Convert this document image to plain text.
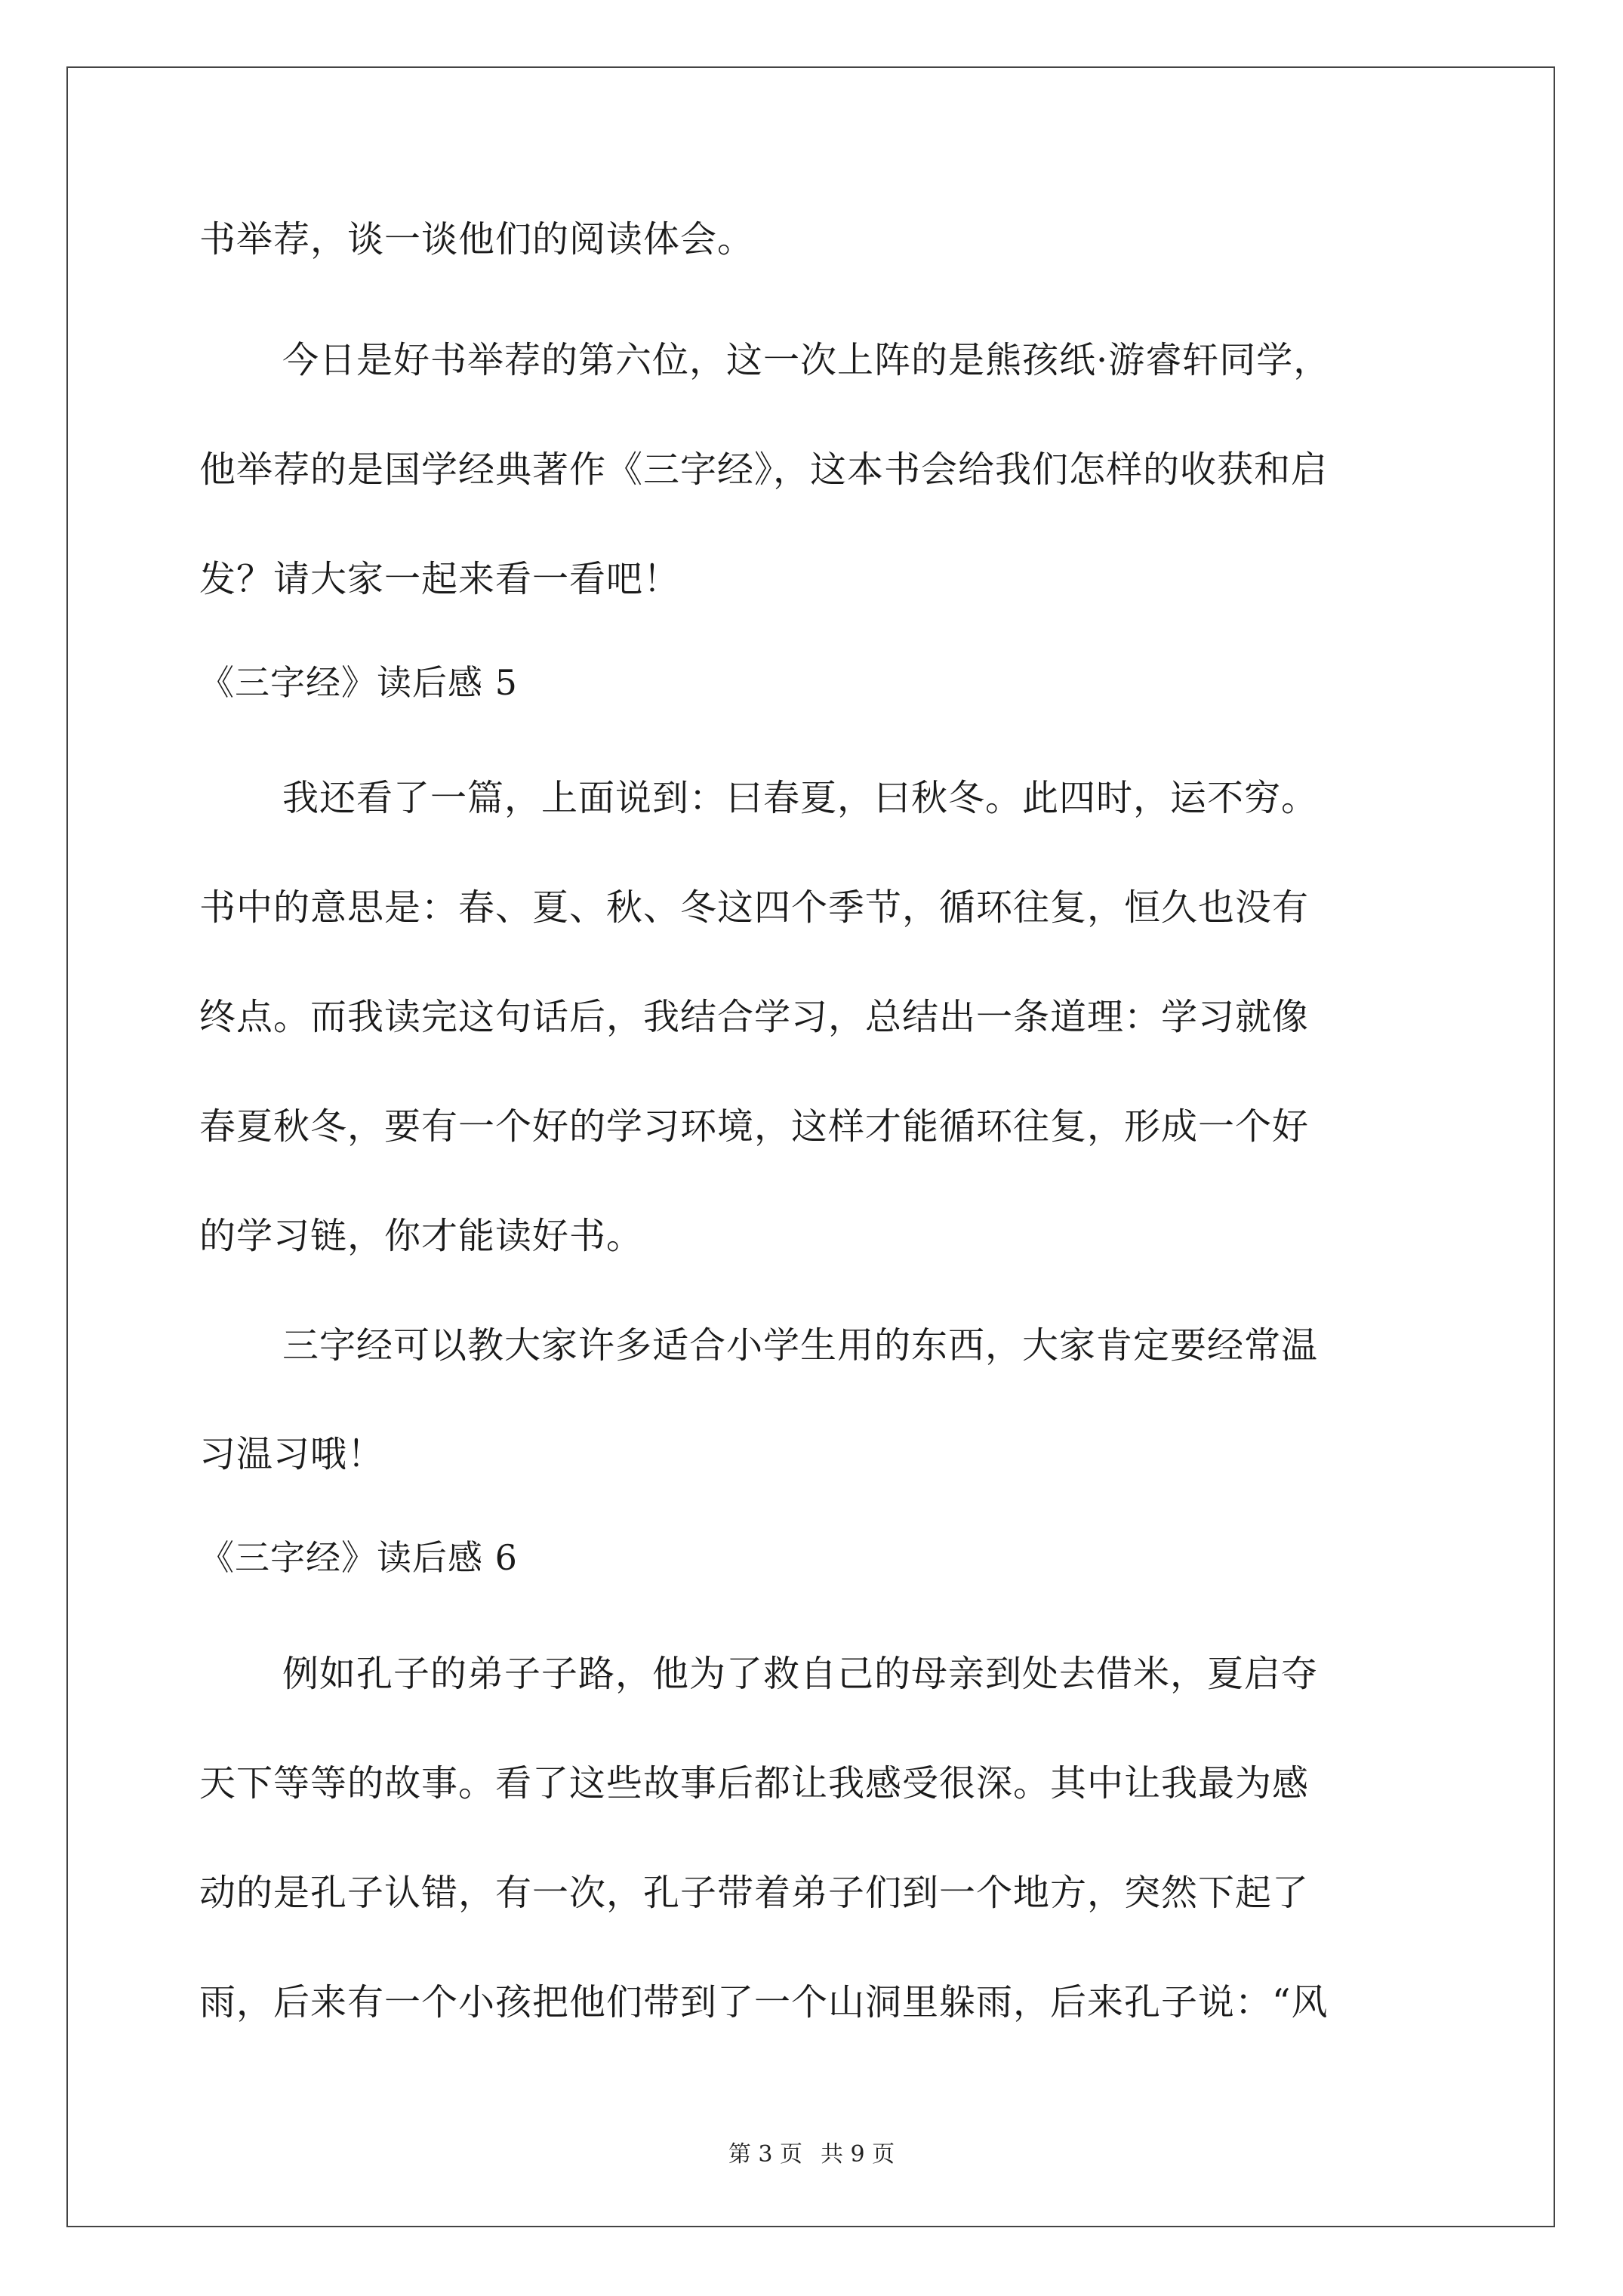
书举荐，谈一谈他们的阅读体会。
今日是好书举荐的第六位，这一次上阵的是熊孩纸·游睿轩同学，
他举荐的是国学经典著作《三字经》，这本书会给我们怎样的收获和启
发？请大家一起来看一看吧！
《三字经》读后感 5
我还看了一篇，上面说到：曰春夏，曰秋冬。此四时，运不穷。
书中的意思是：春、夏、秋、冬这四个季节，循环往复，恒久也没有
终点。而我读完这句话后，我结合学习，总结出一条道理：学习就像
春夏秋冬，要有一个好的学习环境，这样才能循环往复，形成一个好
的学习链，你才能读好书。
三字经可以教大家许多适合小学生用的东西，大家肯定要经常温
习温习哦！
《三字经》读后感 6
例如孔子的弟子子路，他为了救自己的母亲到处去借米，夏启夺
天下等等的故事。看了这些故事后都让我感受很深。其中让我最为感
动的是孔子认错，有一次，孔子带着弟子们到一个地方，突然下起了
雨，后来有一个小孩把他们带到了一个山洞里躲雨，后来孔子说：“风
第 3 页 共 9 页
